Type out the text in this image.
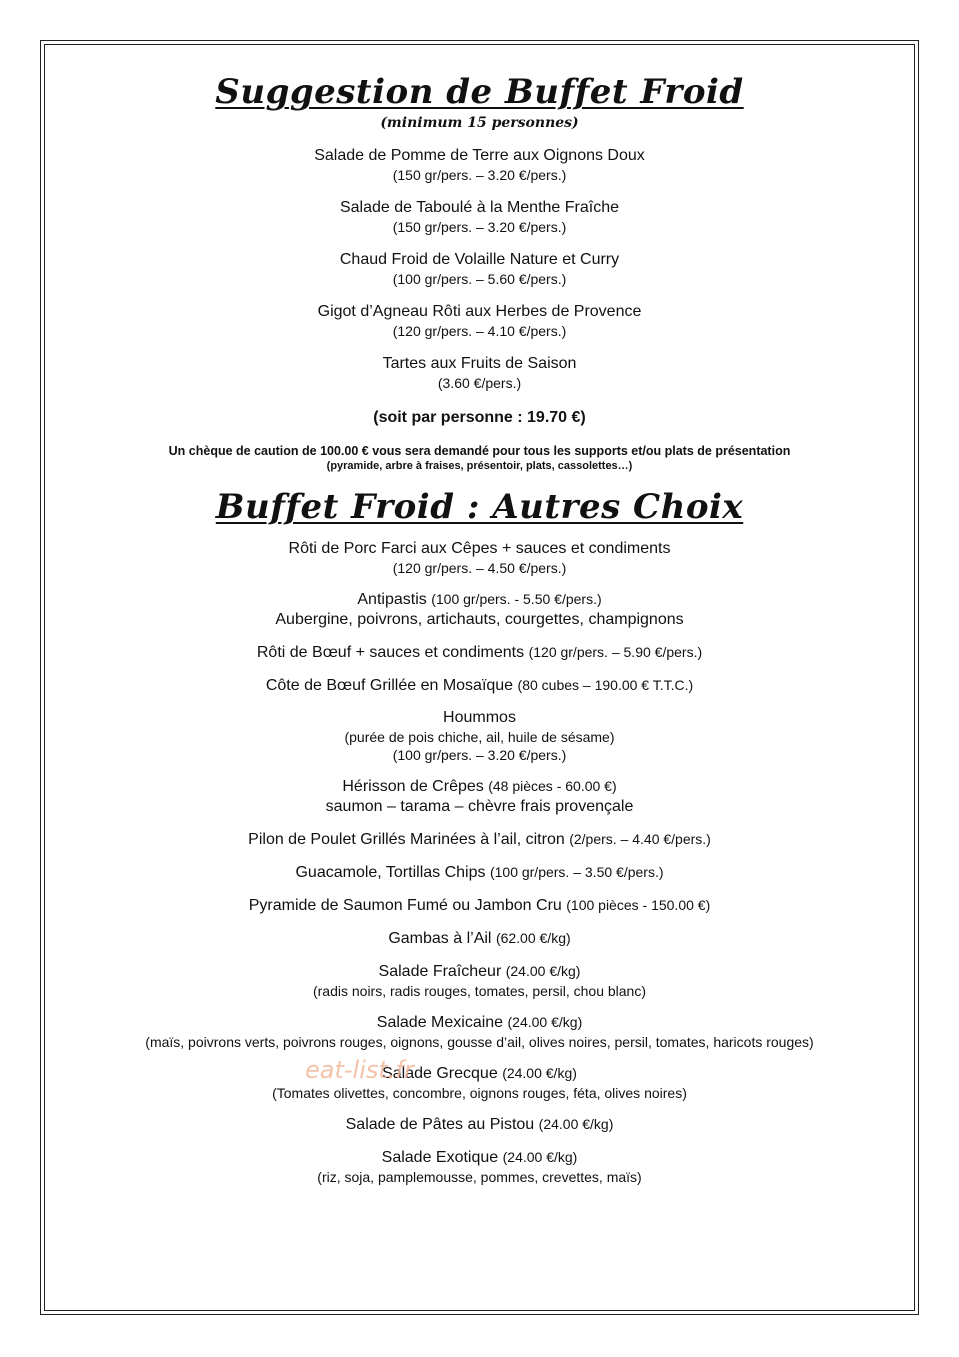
Suggestion de Buffet Froid
(minimum 15 personnes)
Salade de Pomme de Terre aux Oignons Doux
(150 gr/pers. – 3.20 €/pers.)
Salade de Taboulé à la Menthe Fraîche
(150 gr/pers. – 3.20 €/pers.)
Chaud Froid de Volaille Nature et Curry
(100 gr/pers. – 5.60 €/pers.)
Gigot d’Agneau Rôti aux Herbes de Provence
(120 gr/pers. – 4.10 €/pers.)
Tartes aux Fruits de Saison
(3.60 €/pers.)
(soit par personne : 19.70 €)
Un chèque de caution de 100.00 € vous sera demandé pour tous les supports et/ou plats de présentation
(pyramide, arbre à fraises, présentoir, plats, cassolettes…)
Buffet Froid : Autres Choix
Rôti de Porc Farci aux Cêpes + sauces et condiments
(120 gr/pers. – 4.50 €/pers.)
Antipastis (100 gr/pers. - 5.50 €/pers.)
Aubergine, poivrons, artichauts, courgettes, champignons
Rôti de Bœuf + sauces et condiments (120 gr/pers. – 5.90 €/pers.)
Côte de Bœuf Grillée en Mosaïque (80 cubes – 190.00 € T.T.C.)
Hoummos
(purée de pois chiche, ail, huile de sésame)
(100 gr/pers. – 3.20 €/pers.)
Hérisson de Crêpes (48 pièces - 60.00 €)
saumon – tarama – chèvre frais provençale
Pilon de Poulet Grillés Marinées à l’ail, citron (2/pers. – 4.40 €/pers.)
Guacamole, Tortillas Chips (100 gr/pers. – 3.50 €/pers.)
Pyramide de Saumon Fumé ou Jambon Cru (100 pièces - 150.00 €)
Gambas à l’Ail (62.00 €/kg)
Salade Fraîcheur (24.00 €/kg)
(radis noirs, radis rouges, tomates, persil, chou blanc)
Salade Mexicaine (24.00 €/kg)
(maïs, poivrons verts, poivrons rouges, oignons, gousse d’ail, olives noires, persil, tomates, haricots rouges)
Salade Grecque (24.00 €/kg)
(Tomates olivettes, concombre, oignons rouges, féta, olives noires)
Salade de Pâtes au Pistou (24.00 €/kg)
Salade Exotique (24.00 €/kg)
(riz, soja, pamplemousse, pommes, crevettes, maïs)
eat-list.fr
